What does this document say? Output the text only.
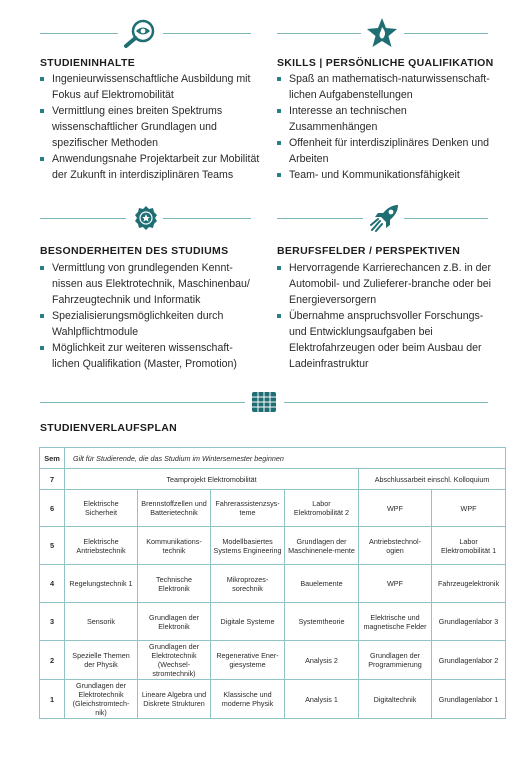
STUDIENINHALTE
Ingenieurwissenschaftliche Ausbildung mit Fokus auf Elektromobilität
Vermittlung eines breiten Spektrums wissenschaftlicher Grundlagen und spezifischer Methoden
Anwendungsnahe Projektarbeit zur Mobilität der Zukunft in interdisziplinären Teams
SKILLS | PERSÖNLICHE QUALIFIKATION
Spaß an mathematisch-naturwissenschaft-lichen Aufgabenstellungen
Interesse an technischen Zusammenhängen
Offenheit für interdisziplinäres Denken und Arbeiten
Team- und Kommunikationsfähigkeit
BESONDERHEITEN DES STUDIUMS
Vermittlung von grundlegenden Kennt-nissen aus Elektrotechnik, Maschinenbau/ Fahrzeugtechnik und Informatik
Spezialisierungsmöglichkeiten durch Wahlpflichtmodule
Möglichkeit zur weiteren wissenschaft-lichen Qualifikation (Master, Promotion)
BERUFSFELDER / PERSPEKTIVEN
Hervorragende Karrierechancen z.B. in der Automobil- und Zulieferer-branche oder bei Energieversorgern
Übernahme anspruchsvoller Forschungs- und Entwicklungsaufgaben bei Elektrofahrzeugen oder beim Ausbau der Ladeinfrastruktur
STUDIENVERLAUFSPLAN
Sem	Gilt für Studierende, die das Studium im Wintersemester beginnen					
7	Teamprojekt Elektromobilität				Abschlussarbeit einschl. Kolloquium	
6	Elektrische Sicherheit	Brennstoffzellen und Batterietechnik	Fahrerassistenzsys-teme	Labor Elektromobilität 2	WPF	WPF
5	Elektrische Antriebstechnik	Kommunikations-technik	Modellbasiertes Systems Engineering	Grundlagen der Maschinenele-mente	Antriebstechnol-ogien	Labor Elektromobilität 1
4	Regelungstechnik 1	Technische Elektronik	Mikroprozes-sorechnik	Bauelemente	WPF	Fahrzeugelektronik
3	Sensorik	Grundlagen der Elektronik	Digitale Systeme	Systemtheorie	Elektrische und magnetische Felder	Grundlagenlabor 3
2	Spezielle Themen der Physik	Grundlagen der Elektrotechnik (Wechsel-stromtechnik)	Regenerative Ener-giesysteme	Analysis 2	Grundlagen der Programmierung	Grundlagenlabor 2
1	Grundlagen der Elektrotechnik (Gleichstromtech-nik)	Lineare Algebra und Diskrete Strukturen	Klassische und moderne Physik	Analysis 1	Digitaltechnik	Grundlagenlabor 1
